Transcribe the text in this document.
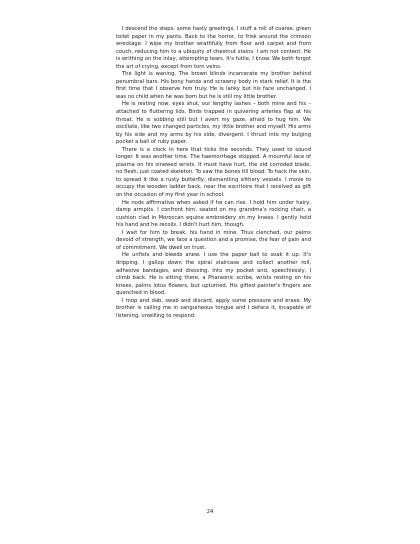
I descend the steps, some hasty greetings, I stuff a roll of coarse, green toilet paper in my pants. Back to the horror, to frisk around the crimson wreckage. I wipe my brother wrathfully from floor and carpet and from couch, reducing him to a ubiquity of chestnut stains. I am not content. He is writhing on the inlay, attempting tears. It's futile, I know. We both forgot the art of crying, except from torn veins.

The light is waning. The brown blinds incarcerate my brother behind penumbral bars. His bony hands and scrawny body in stark relief. It is the first time that I observe him truly. He is lanky but his face unchanged. I was no child when he was born but he is still my little brother.

He is resting now, eyes shut, our lengthy lashes – both mine and his – attached to fluttering lids. Birds trapped in quivering arteries flap at his throat. He is sobbing still but I avert my gaze, afraid to hug him. We oscillate, like two changed particles, my little brother and myself. His arms by his side and my arms by his side, divergent. I thrust into my bulging pocket a ball of ruby paper.

There is a clock in here that ticks the seconds. They used to sound longer. It was another time. The haemorrhage stopped. A mournful lace of plasma on his sinewed wrists. It must have hurt, the old corroded blade, no flesh, just coated skeleton. To saw the bones till blood. To hack the skin, to spread it like a rusty butterfly, dismantling slithery vessels. I move to occupy the wooden ladder back, near the escritoire that I received as gift on the occasion of my first year in school.

He nods affirmative when asked if he can rise. I hold him under hairy, damp armpits. I confront him, seated on my grandma's rocking chair, a cushion clad in Moroccan equine embroidery on my knees. I gently hold his hand and he recoils. I didn't hurt him, though.

I wait for him to break, his hand in mine. Thus clenched, our palms devoid of strength, we face a question and a promise, the fear of pain and of commitment. We dwell on trust.

He unfists and bleeds anew. I use the paper ball to soak it up. It's dripping. I gallop down the spiral staircase and collect another roll, adhesive bandages, and dressing. Into my pocket and, speechlessly, I climb back. He is sitting there, a Pharaonic scribe, wrists resting on his knees, palms lotus flowers, but upturned. His gifted painter's fingers are quenched in blood.

I mop and dab, swab and discard, apply some pressure and erase. My brother is calling me in sanguineous tongue and I deface it, incapable of listening, unwilling to respond.

24
